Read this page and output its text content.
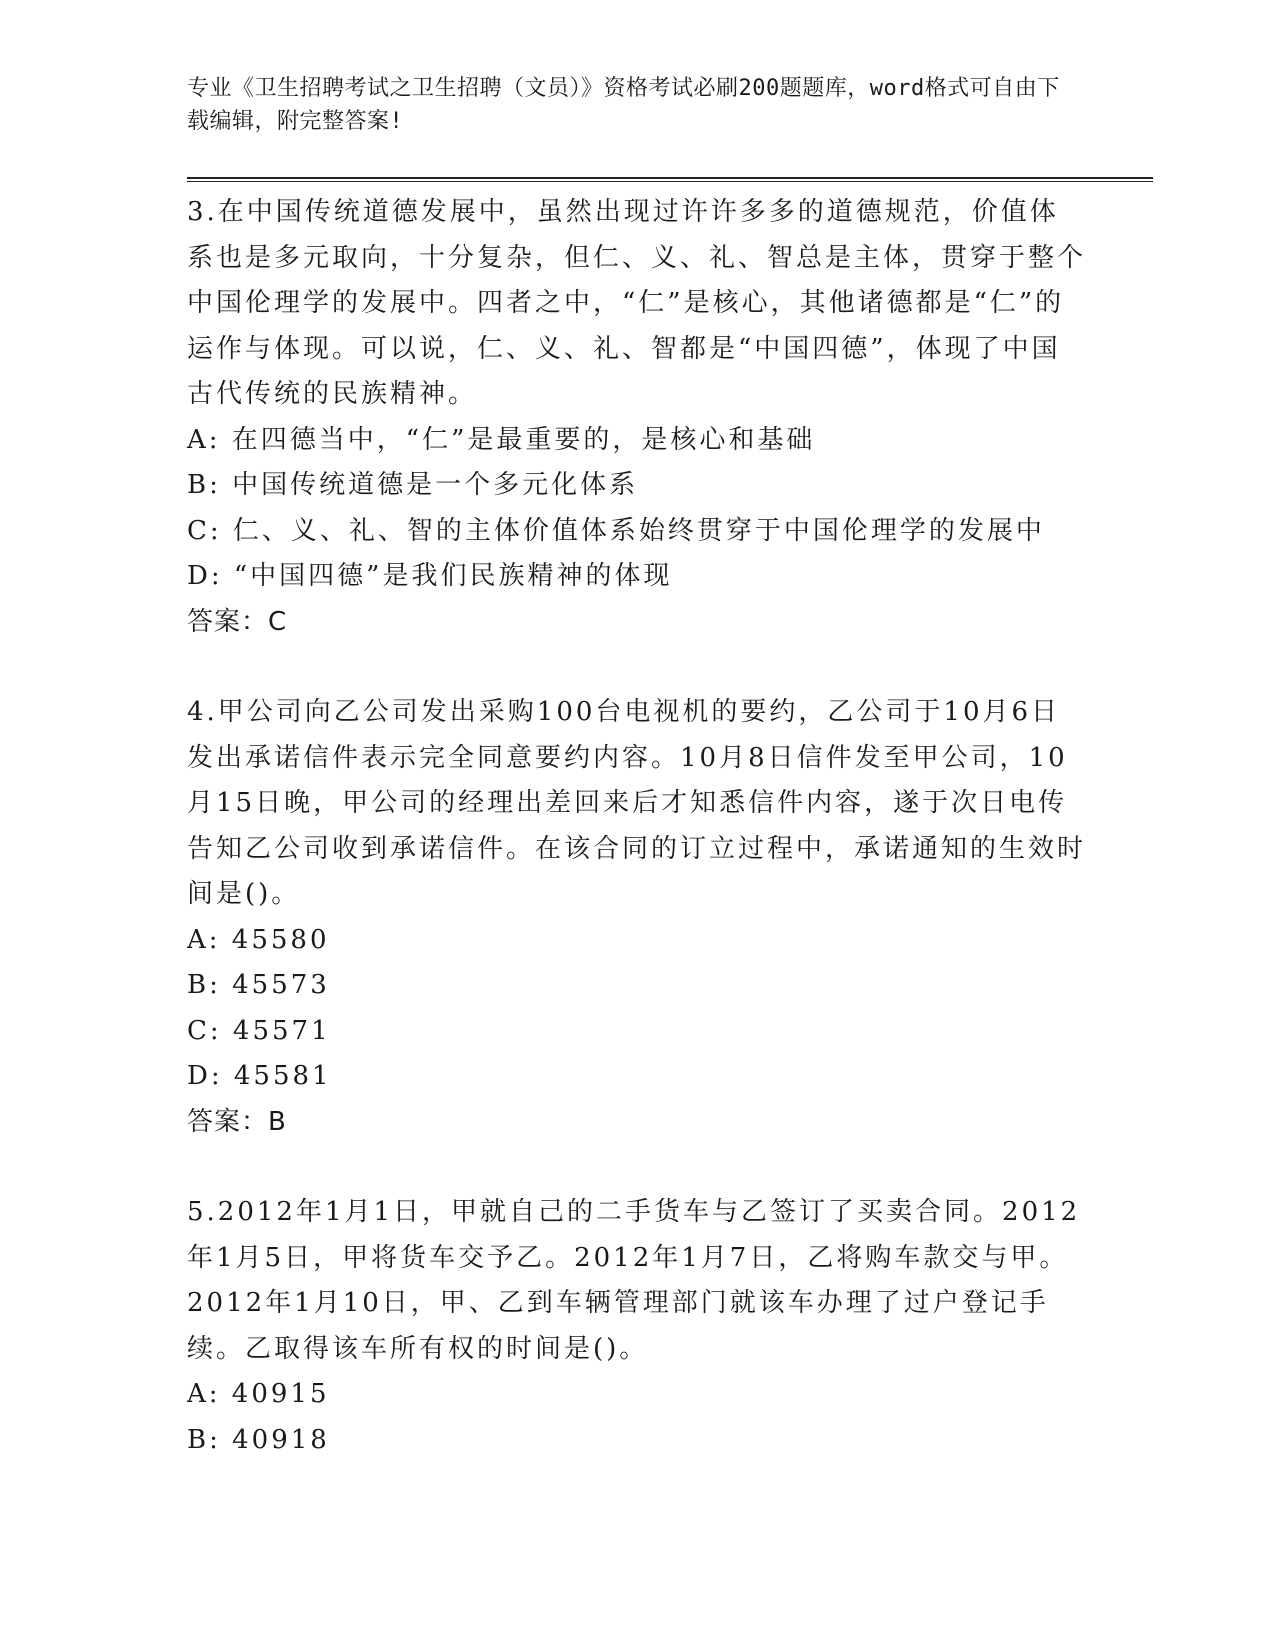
专业《卫生招聘考试之卫生招聘（文员）》资格考试必刷200题题库，word格式可自由下载编辑，附完整答案!

3.在中国传统道德发展中，虽然出现过许许多多的道德规范，价值体系也是多元取向，十分复杂，但仁、义、礼、智总是主体，贯穿于整个中国伦理学的发展中。四者之中，“仁”是核心，其他诸德都是“仁”的运作与体现。可以说，仁、义、礼、智都是“中国四德”，体现了中国古代传统的民族精神。

A: 在四德当中，“仁”是最重要的，是核心和基础

B: 中国传统道德是一个多元化体系

C: 仁、义、礼、智的主体价值体系始终贯穿于中国伦理学的发展中

D: “中国四德”是我们民族精神的体现

答案：C

4.甲公司向乙公司发出采购100台电视机的要约，乙公司于10月6日发出承诺信件表示完全同意要约内容。10月8日信件发至甲公司，10月15日晚，甲公司的经理出差回来后才知悉信件内容，遂于次日电传告知乙公司收到承诺信件。在该合同的订立过程中，承诺通知的生效时间是()。

A: 45580

B: 45573

C: 45571

D: 45581

答案：B

5.2012年1月1日，甲就自己的二手货车与乙签订了买卖合同。2012年1月5日，甲将货车交予乙。2012年1月7日，乙将购车款交与甲。2012年1月10日，甲、乙到车辆管理部门就该车办理了过户登记手续。乙取得该车所有权的时间是()。

A: 40915

B: 40918
